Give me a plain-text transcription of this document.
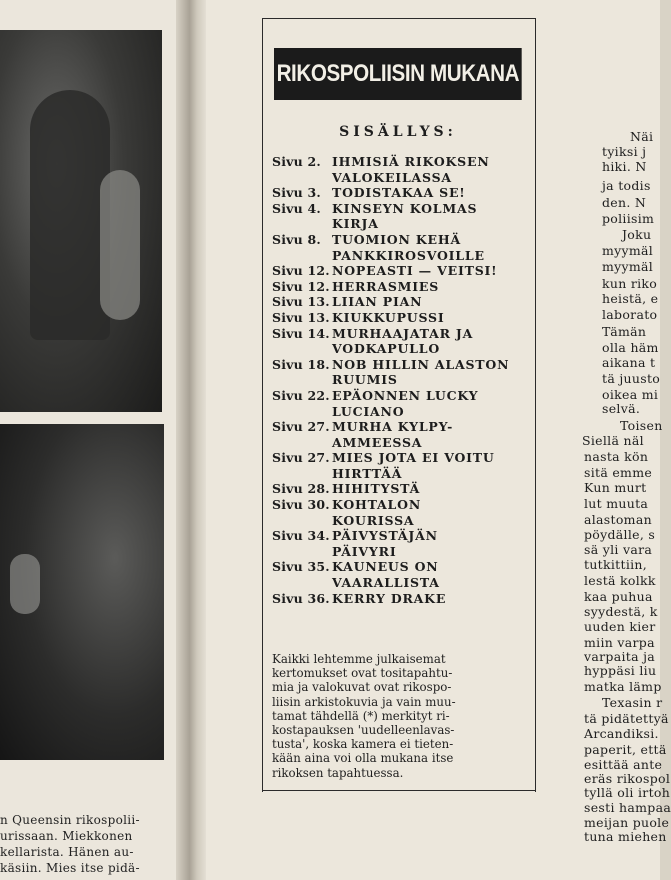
n Queensin rikospolii-
urissaan. Miekkonen
kellarista. Hänen au-
käsiin. Mies itse pidä-
RIKOSPOLIISIN MUKANA
SISÄLLYS:
Sivu 2. IHMISIÄ RIKOKSEN
VALOKEILASSA
Sivu 3. TODISTAKAA SE!
Sivu 4. KINSEYN KOLMAS
KIRJA
Sivu 8. TUOMION KEHÄ
PANKKIROSVOILLE
Sivu 12. NOPEASTI — VEITSI!
Sivu 12. HERRASMIES
Sivu 13. LIIAN PIAN
Sivu 13. KIUKKUPUSSI
Sivu 14. MURHAAJATAR JA
VODKAPULLO
Sivu 18. NOB HILLIN ALASTON
RUUMIS
Sivu 22. EPÄONNEN LUCKY
LUCIANO
Sivu 27. MURHA KYLPY-
AMMEESSA
Sivu 27. MIES JOTA EI VOITU
HIRTTÄÄ
Sivu 28. HIHITYSTÄ
Sivu 30. KOHTALON
KOURISSA
Sivu 34. PÄIVYSTÄJÄN
PÄIVYRI
Sivu 35. KAUNEUS ON
VAARALLISTA
Sivu 36. KERRY DRAKE
Kaikki lehtemme julkaisemat
kertomukset ovat tositapahtu-
mia ja valokuvat ovat rikospo-
liisin arkistokuvia ja vain muu-
tamat tähdellä (*) merkityt ri-
kostapauksen 'uudelleenlavas-
tusta', koska kamera ei tieten-
kään aina voi olla mukana itse
rikoksen tapahtuessa.
Näi
tyiksi j
hiki. N
ja todis
den. N
poliisim
Joku
myymäl
myymäl
kun riko
heistä, e
laborato
Tämän
olla häm
aikana t
tä juusto
oikea mi
selvä.
Toisen
Siellä näl
nasta kön
sitä emme
Kun murt
lut muuta
alastoman
pöydälle, s
sä yli vara
tutkittiin,
lestä kolkk
kaa puhua
syydestä, k
uuden kier
miin varpa
varpaita ja
hyppäsi liu
matka lämp
Texasin r
tä pidätettyä
Arcandiksi.
paperit, että
esittää ante
eräs rikospol
tyllä oli irtoh
sesti hampaa
meijan puole
tuna miehen
